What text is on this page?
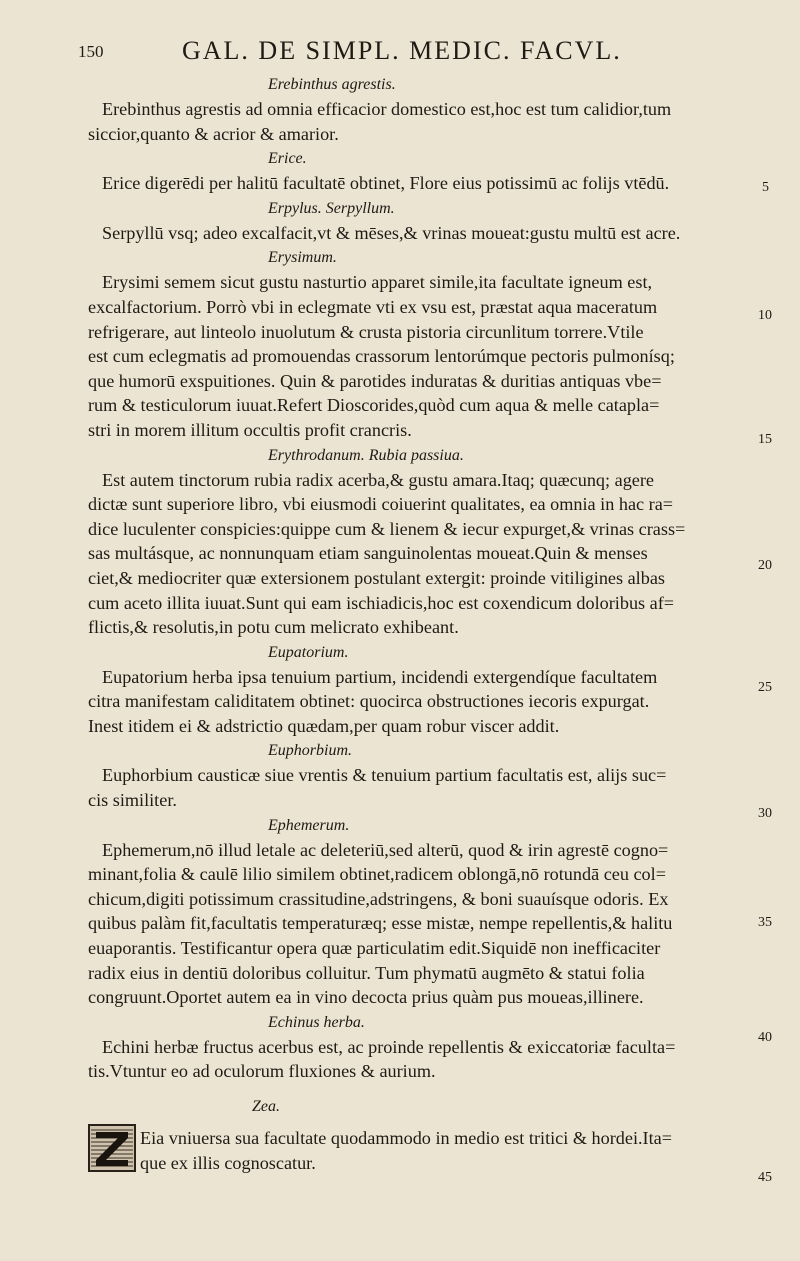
150	GAL. DE SIMPL. MEDIC. FACVL.
Erebinthus agrestis.
Erebinthus agrestis ad omnia efficacior domestico est,hoc est tum calidior,tum
siccior,quanto & acrior & amarior.
Erice.
Erice digerēdi per halitū facultatē obtinet, Flore eius potissimū ac folijs vtēdū.
Erpylus. Serpyllum.
Serpyllū vsq; adeo excalfacit,vt & mēses,& vrinas moueat:gustu multū est acre.
Erysimum.
Erysimi semem sicut gustu nasturtio apparet simile,ita facultate igneum est,
excalfactorium. Porrò vbi in eclegmate vti ex vsu est, præstat aqua maceratum
refrigerare, aut linteolo inuolutum & crusta pistoria circunlitum torrere.Vtile
est cum eclegmatis ad promouendas crassorum lentorúmque pectoris pulmonísq;
que humorū exspuitiones. Quin & parotides induratas & duritias antiquas vbe=
rum & testiculorum iuuat.Refert Dioscorides,quòd cum aqua & melle catapla=
stri in morem illitum occultis profit crancris.
Erythrodanum. Rubia passiua.
Est autem tinctorum rubia radix acerba,& gustu amara.Itaq; quæcunq; agere
dictæ sunt superiore libro, vbi eiusmodi coiuerint qualitates, ea omnia in hac ra=
dice luculenter conspicies:quippe cum & lienem & iecur expurget,& vrinas crass=
sas multásque, ac nonnunquam etiam sanguinolentas moueat.Quin & menses
ciet,& mediocriter quæ extersionem postulant extergit: proinde vitiligines albas
cum aceto illita iuuat.Sunt qui eam ischiadicis,hoc est coxendicum doloribus af=
flictis,& resolutis,in potu cum melicrato exhibeant.
Eupatorium.
Eupatorium herba ipsa tenuium partium, incidendi extergendíque facultatem
citra manifestam caliditatem obtinet: quocirca obstructiones iecoris expurgat.
Inest itidem ei & adstrictio quædam,per quam robur viscer addit.
Euphorbium.
Euphorbium causticæ siue vrentis & tenuium partium facultatis est, alijs suc=
cis similiter.
Ephemerum.
Ephemerum,nō illud letale ac deleteriū,sed alterū, quod & irin agrestē cogno=
minant,folia & caulē lilio similem obtinet,radicem oblongā,nō rotundā ceu col=
chicum,digiti potissimum crassitudine,adstringens, & boni suauísque odoris. Ex
quibus palàm fit,facultatis temperaturæq; esse mistæ, nempe repellentis,& halitu
euaporantis. Testificantur opera quæ particulatim edit.Siquidē non inefficaciter
radix eius in dentiū doloribus colluitur. Tum phymatū augmēto & statui folia
congruunt.Oportet autem ea in vino decocta prius quàm pus moueas,illinere.
Echinus herba.
Echini herbæ fructus acerbus est, ac proinde repellentis & exiccatoriæ faculta=
tis.Vtuntur eo ad oculorum fluxiones & aurium.
Zea.
Eia vniuersa sua facultate quodammodo in medio est tritici & hordei.Ita=
que ex illis cognoscatur.
5
10
15
20
25
30
35
40
45
